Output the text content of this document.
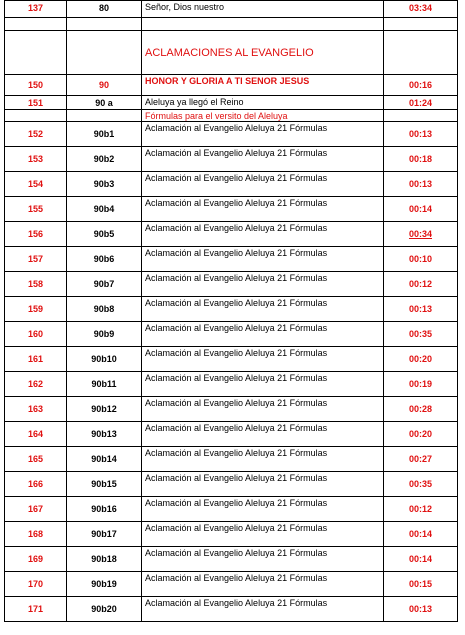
137	80	Señor, Dios nuestro	03:34

		ACLAMACIONES AL EVANGELIO	
150	90	HONOR Y GLORIA A TI SENOR JESUS	00:16
151	90 a	Aleluya ya llegó el Reino	01:24
		Fórmulas para el versito del Aleluya	
152	90b1	Aclamación al Evangelio Aleluya 21 Fórmulas	00:13
153	90b2	Aclamación al Evangelio Aleluya 21 Fórmulas	00:18
154	90b3	Aclamación al Evangelio Aleluya 21 Fórmulas	00:13
155	90b4	Aclamación al Evangelio Aleluya 21 Fórmulas	00:14
156	90b5	Aclamación al Evangelio Aleluya 21 Fórmulas	00:34
157	90b6	Aclamación al Evangelio Aleluya 21 Fórmulas	00:10
158	90b7	Aclamación al Evangelio Aleluya 21 Fórmulas	00:12
159	90b8	Aclamación al Evangelio Aleluya 21 Fórmulas	00:13
160	90b9	Aclamación al Evangelio Aleluya 21 Fórmulas	00:35
161	90b10	Aclamación al Evangelio Aleluya 21 Fórmulas	00:20
162	90b11	Aclamación al Evangelio Aleluya 21 Fórmulas	00:19
163	90b12	Aclamación al Evangelio Aleluya 21 Fórmulas	00:28
164	90b13	Aclamación al Evangelio Aleluya 21 Fórmulas	00:20
165	90b14	Aclamación al Evangelio Aleluya 21 Fórmulas	00:27
166	90b15	Aclamación al Evangelio Aleluya 21 Fórmulas	00:35
167	90b16	Aclamación al Evangelio Aleluya 21 Fórmulas	00:12
168	90b17	Aclamación al Evangelio Aleluya 21 Fórmulas	00:14
169	90b18	Aclamación al Evangelio Aleluya 21 Fórmulas	00:14
170	90b19	Aclamación al Evangelio Aleluya 21 Fórmulas	00:15
171	90b20	Aclamación al Evangelio Aleluya 21 Fórmulas	00:13
